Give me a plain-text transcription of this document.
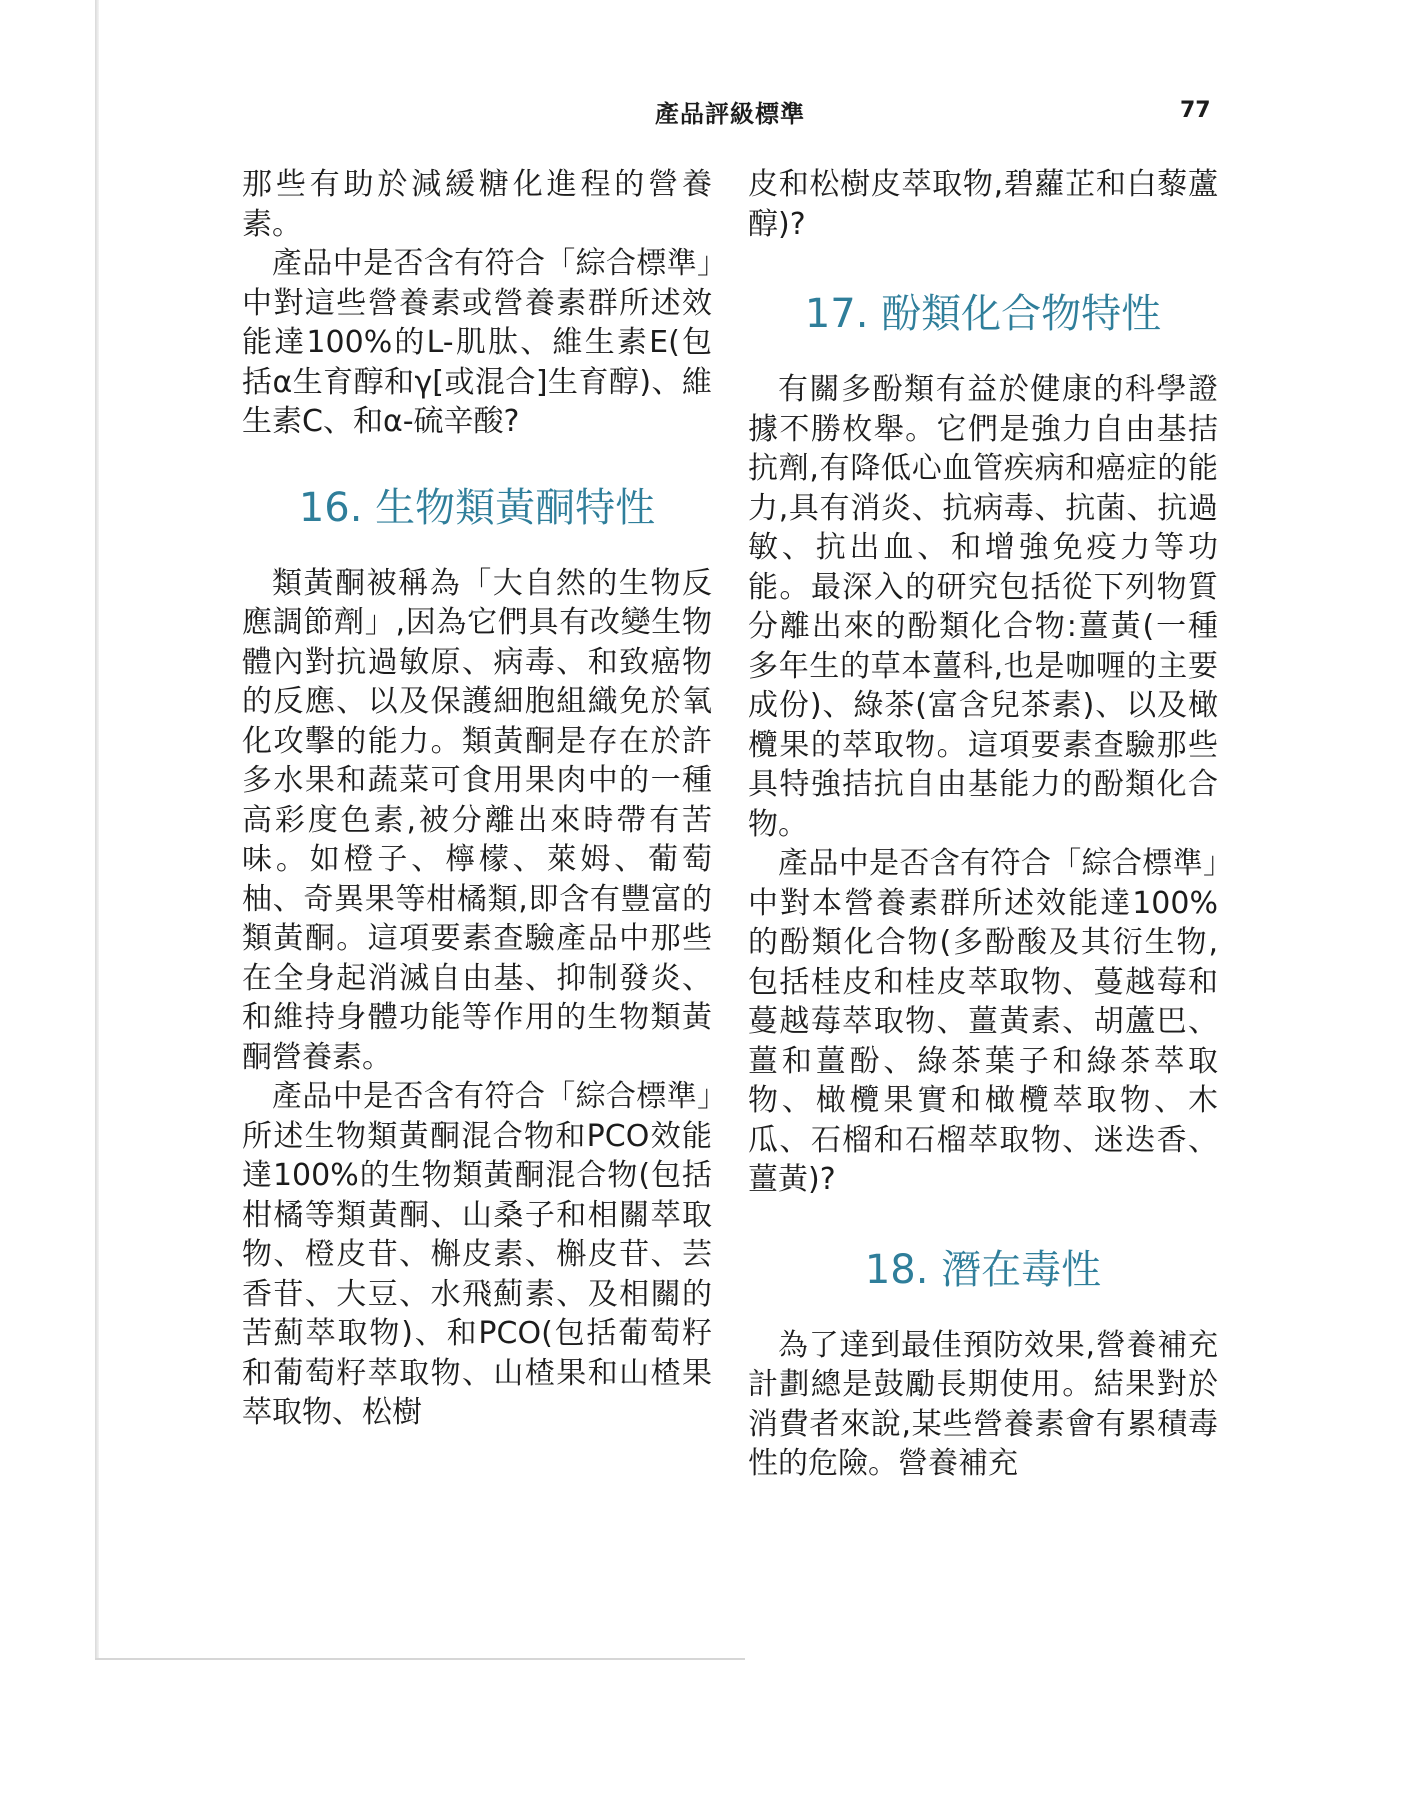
產品評級標準	77

那些有助於減緩糖化進程的營養素。

產品中是否含有符合「綜合標準」中對這些營養素或營養素群所述效能達100%的L-肌肽、維生素E(包括α生育醇和γ[或混合]生育醇)、維生素C、和α-硫辛酸?

16. 生物類黃酮特性

類黃酮被稱為「大自然的生物反應調節劑」,因為它們具有改變生物體內對抗過敏原、病毒、和致癌物的反應、以及保護細胞組織免於氧化攻擊的能力。類黃酮是存在於許多水果和蔬菜可食用果肉中的一種高彩度色素,被分離出來時帶有苦味。如橙子、檸檬、萊姆、葡萄柚、奇異果等柑橘類,即含有豐富的類黃酮。這項要素查驗產品中那些在全身起消滅自由基、抑制發炎、和維持身體功能等作用的生物類黃酮營養素。

產品中是否含有符合「綜合標準」所述生物類黃酮混合物和PCO效能達100%的生物類黃酮混合物(包括柑橘等類黃酮、山桑子和相關萃取物、橙皮苷、槲皮素、槲皮苷、芸香苷、大豆、水飛薊素、及相關的苦薊萃取物)、和PCO(包括葡萄籽和葡萄籽萃取物、山楂果和山楂果萃取物、松樹

皮和松樹皮萃取物,碧蘿芷和白藜蘆醇)?

17. 酚類化合物特性

有關多酚類有益於健康的科學證據不勝枚舉。它們是強力自由基拮抗劑,有降低心血管疾病和癌症的能力,具有消炎、抗病毒、抗菌、抗過敏、抗出血、和增強免疫力等功能。最深入的研究包括從下列物質分離出來的酚類化合物:薑黃(一種多年生的草本薑科,也是咖喱的主要成份)、綠茶(富含兒茶素)、以及橄欖果的萃取物。這項要素查驗那些具特強拮抗自由基能力的酚類化合物。

產品中是否含有符合「綜合標準」中對本營養素群所述效能達100%的酚類化合物(多酚酸及其衍生物,包括桂皮和桂皮萃取物、蔓越莓和蔓越莓萃取物、薑黃素、胡蘆巴、薑和薑酚、綠茶葉子和綠茶萃取物、橄欖果實和橄欖萃取物、木瓜、石榴和石榴萃取物、迷迭香、薑黃)?

18. 潛在毒性

為了達到最佳預防效果,營養補充計劃總是鼓勵長期使用。結果對於消費者來說,某些營養素會有累積毒性的危險。營養補充
